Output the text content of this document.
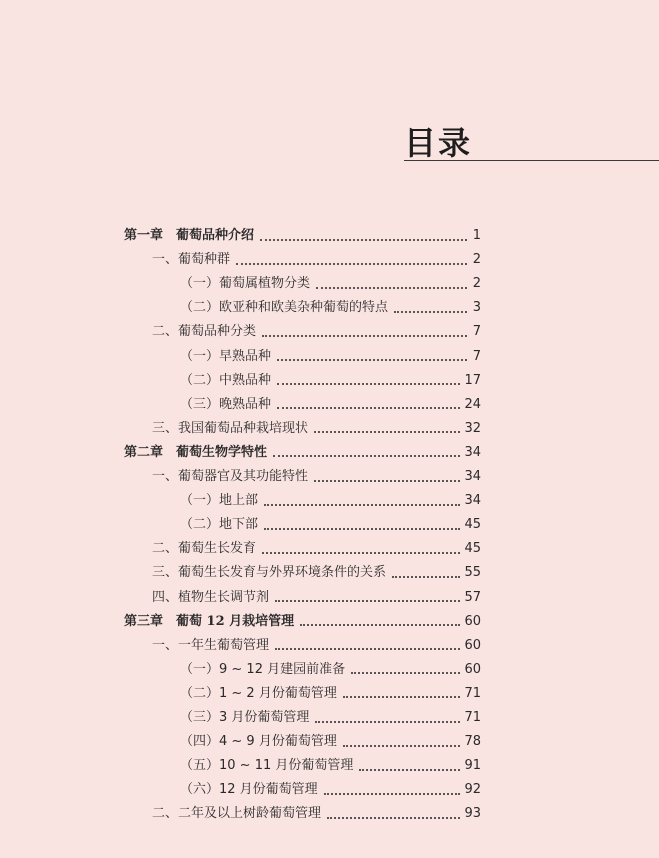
目录
第一章　葡萄品种介绍	1
一、葡萄种群	2
（一）葡萄属植物分类	2
（二）欧亚种和欧美杂种葡萄的特点	3
二、葡萄品种分类	7
（一）早熟品种	7
（二）中熟品种	17
（三）晚熟品种	24
三、我国葡萄品种栽培现状	32
第二章　葡萄生物学特性	34
一、葡萄器官及其功能特性	34
（一）地上部	34
（二）地下部	45
二、葡萄生长发育	45
三、葡萄生长发育与外界环境条件的关系	55
四、植物生长调节剂	57
第三章　葡萄 12 月栽培管理	60
一、一年生葡萄管理	60
（一）9 ~ 12 月建园前准备	60
（二）1 ~ 2 月份葡萄管理	71
（三）3 月份葡萄管理	71
（四）4 ~ 9 月份葡萄管理	78
（五）10 ~ 11 月份葡萄管理	91
（六）12 月份葡萄管理	92
二、二年及以上树龄葡萄管理	93
